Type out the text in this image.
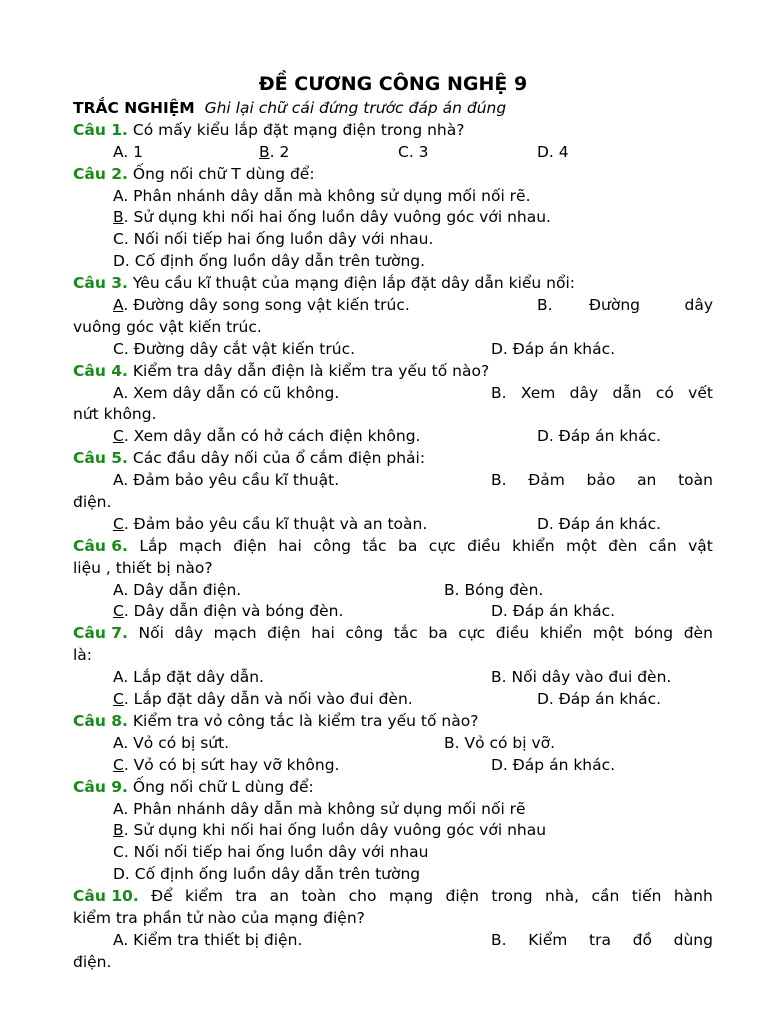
ĐỀ CƯƠNG CÔNG NGHỆ 9
TRẮC NGHIỆM Ghi lại chữ cái đứng trước đáp án đúng
Câu 1. Có mấy kiểu lắp đặt mạng điện trong nhà?
A. 1	B. 2	C. 3	D. 4
Câu 2. Ống nối chữ T dùng để:
A. Phân nhánh dây dẫn mà không sử dụng mối nối rẽ.
B. Sử dụng khi nối hai ống luồn dây vuông góc với nhau.
C. Nối nối tiếp hai ống luồn dây với nhau.
D. Cố định ống luồn dây dẫn trên tường.
Câu 3. Yêu cầu kĩ thuật của mạng điện lắp đặt dây dẫn kiểu nổi:
A. Đường dây song song vật kiến trúc.	B. Đường	dây
vuông góc vật kiến trúc.
C. Đường dây cắt vật kiến trúc.	D. Đáp án khác.
Câu 4. Kiểm tra dây dẫn điện là kiểm tra yếu tố nào?
A. Xem dây dẫn có cũ không.	B. Xem dây dẫn có vết
nứt không.
C. Xem dây dẫn có hở cách điện không.	D. Đáp án khác.
Câu 5. Các đầu dây nối của ổ cắm điện phải:
A. Đảm bảo yêu cầu kĩ thuật.	B. Đảm bảo an toàn
điện.
C. Đảm bảo yêu cầu kĩ thuật và an toàn.	D. Đáp án khác.
Câu 6. Lắp mạch điện hai công tắc ba cực điều khiển một đèn cần vật
liệu , thiết bị nào?
A. Dây dẫn điện.	B. Bóng đèn.
C. Dây dẫn điện và bóng đèn.	D. Đáp án khác.
Câu 7. Nối dây mạch điện hai công tắc ba cực điều khiển một bóng đèn
là:
A. Lắp đặt dây dẫn.	B. Nối dây vào đui đèn.
C. Lắp đặt dây dẫn và nối vào đui đèn.	D. Đáp án khác.
Câu 8. Kiểm tra vỏ công tắc là kiểm tra yếu tố nào?
A. Vỏ có bị sứt.	B. Vỏ có bị vỡ.
C. Vỏ có bị sứt hay vỡ không.	D. Đáp án khác.
Câu 9. Ống nối chữ L dùng để:
A. Phân nhánh dây dẫn mà không sử dụng mối nối rẽ
B. Sử dụng khi nối hai ống luồn dây vuông góc với nhau
C. Nối nối tiếp hai ống luồn dây với nhau
D. Cố định ống luồn dây dẫn trên tường
Câu 10. Để kiểm tra an toàn cho mạng điện trong nhà, cần tiến hành
kiểm tra phần tử nào của mạng điện?
A. Kiểm tra thiết bị điện.	B. Kiểm tra đồ dùng
điện.
